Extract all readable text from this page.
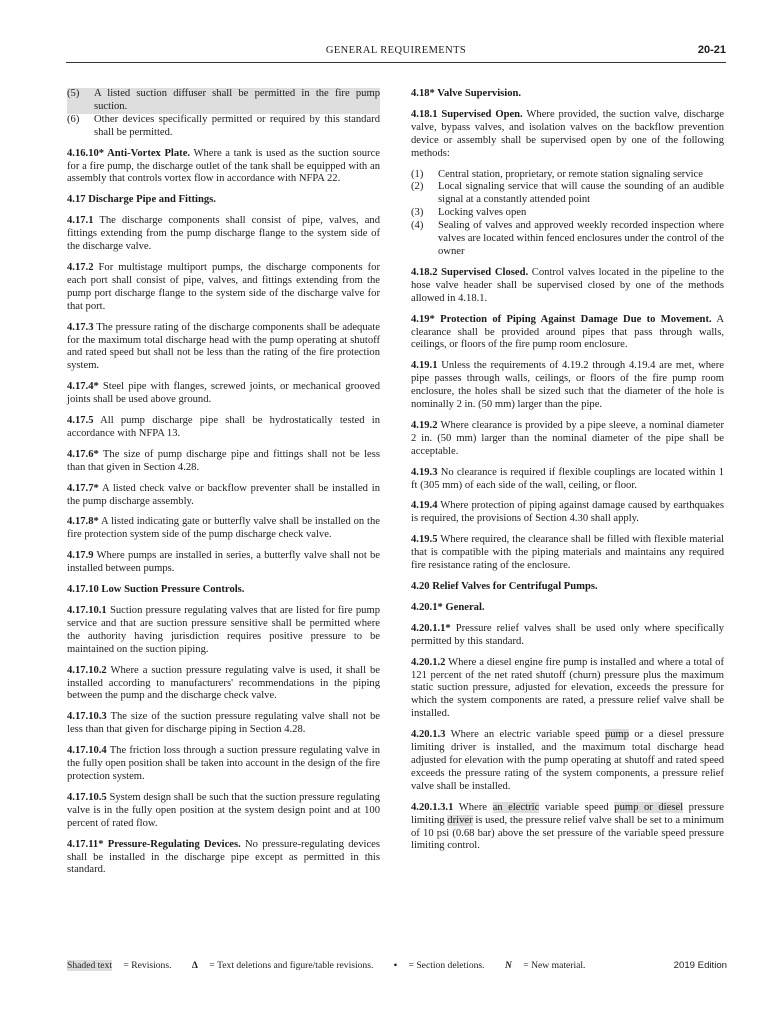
GENERAL REQUIREMENTS	20-21
(5)	A listed suction diffuser shall be permitted in the fire pump suction.
(6)	Other devices specifically permitted or required by this standard shall be permitted.

4.16.10* Anti-Vortex Plate. Where a tank is used as the suction source for a fire pump, the discharge outlet of the tank shall be equipped with an assembly that controls vortex flow in accordance with NFPA 22.

4.17 Discharge Pipe and Fittings.

4.17.1 The discharge components shall consist of pipe, valves, and fittings extending from the pump discharge flange to the system side of the discharge valve.

4.17.2 For multistage multiport pumps, the discharge components for each port shall consist of pipe, valves, and fittings extending from the pump port discharge flange to the system side of the discharge valve for that port.

4.17.3 The pressure rating of the discharge components shall be adequate for the maximum total discharge head with the pump operating at shutoff and rated speed but shall not be less than the rating of the fire protection system.

4.17.4* Steel pipe with flanges, screwed joints, or mechanical grooved joints shall be used above ground.

4.17.5 All pump discharge pipe shall be hydrostatically tested in accordance with NFPA 13.

4.17.6* The size of pump discharge pipe and fittings shall not be less than that given in Section 4.28.

4.17.7* A listed check valve or backflow preventer shall be installed in the pump discharge assembly.

4.17.8* A listed indicating gate or butterfly valve shall be installed on the fire protection system side of the pump discharge check valve.

4.17.9 Where pumps are installed in series, a butterfly valve shall not be installed between pumps.

4.17.10 Low Suction Pressure Controls.

4.17.10.1 Suction pressure regulating valves that are listed for fire pump service and that are suction pressure sensitive shall be permitted where the authority having jurisdiction requires positive pressure to be maintained on the suction piping.

4.17.10.2 Where a suction pressure regulating valve is used, it shall be installed according to manufacturers' recommendations in the piping between the pump and the discharge check valve.

4.17.10.3 The size of the suction pressure regulating valve shall not be less than that given for discharge piping in Section 4.28.

4.17.10.4 The friction loss through a suction pressure regulating valve in the fully open position shall be taken into account in the design of the fire protection system.

4.17.10.5 System design shall be such that the suction pressure regulating valve is in the fully open position at the system design point and at 100 percent of rated flow.

4.17.11* Pressure-Regulating Devices. No pressure-regulating devices shall be installed in the discharge pipe except as permitted in this standard.

4.18* Valve Supervision.

4.18.1 Supervised Open. Where provided, the suction valve, discharge valve, bypass valves, and isolation valves on the backflow prevention device or assembly shall be supervised open by one of the following methods:

(1)	Central station, proprietary, or remote station signaling service
(2)	Local signaling service that will cause the sounding of an audible signal at a constantly attended point
(3)	Locking valves open
(4)	Sealing of valves and approved weekly recorded inspection where valves are located within fenced enclosures under the control of the owner

4.18.2 Supervised Closed. Control valves located in the pipeline to the hose valve header shall be supervised closed by one of the methods allowed in 4.18.1.

4.19* Protection of Piping Against Damage Due to Movement. A clearance shall be provided around pipes that pass through walls, ceilings, or floors of the fire pump room enclosure.

4.19.1 Unless the requirements of 4.19.2 through 4.19.4 are met, where pipe passes through walls, ceilings, or floors of the fire pump room enclosure, the holes shall be sized such that the diameter of the hole is nominally 2 in. (50 mm) larger than the pipe.

4.19.2 Where clearance is provided by a pipe sleeve, a nominal diameter 2 in. (50 mm) larger than the nominal diameter of the pipe shall be acceptable.

4.19.3 No clearance is required if flexible couplings are located within 1 ft (305 mm) of each side of the wall, ceiling, or floor.

4.19.4 Where protection of piping against damage caused by earthquakes is required, the provisions of Section 4.30 shall apply.

4.19.5 Where required, the clearance shall be filled with flexible material that is compatible with the piping materials and maintains any required fire resistance rating of the enclosure.

4.20 Relief Valves for Centrifugal Pumps.

4.20.1* General.

4.20.1.1* Pressure relief valves shall be used only where specifically permitted by this standard.

4.20.1.2 Where a diesel engine fire pump is installed and where a total of 121 percent of the net rated shutoff (churn) pressure plus the maximum static suction pressure, adjusted for elevation, exceeds the pressure for which the system components are rated, a pressure relief valve shall be installed.

4.20.1.3 Where an electric variable speed pump or a diesel pressure limiting driver is installed, and the maximum total discharge head adjusted for elevation with the pump operating at shutoff and rated speed exceeds the pressure rating of the system components, a pressure relief valve shall be installed.

4.20.1.3.1 Where an electric variable speed pump or diesel pressure limiting driver is used, the pressure relief valve shall be set to a minimum of 10 psi (0.68 bar) above the set pressure of the variable speed pressure limiting control.

Shaded text = Revisions. Δ = Text deletions and figure/table revisions. • = Section deletions. N = New material.	2019 Edition
